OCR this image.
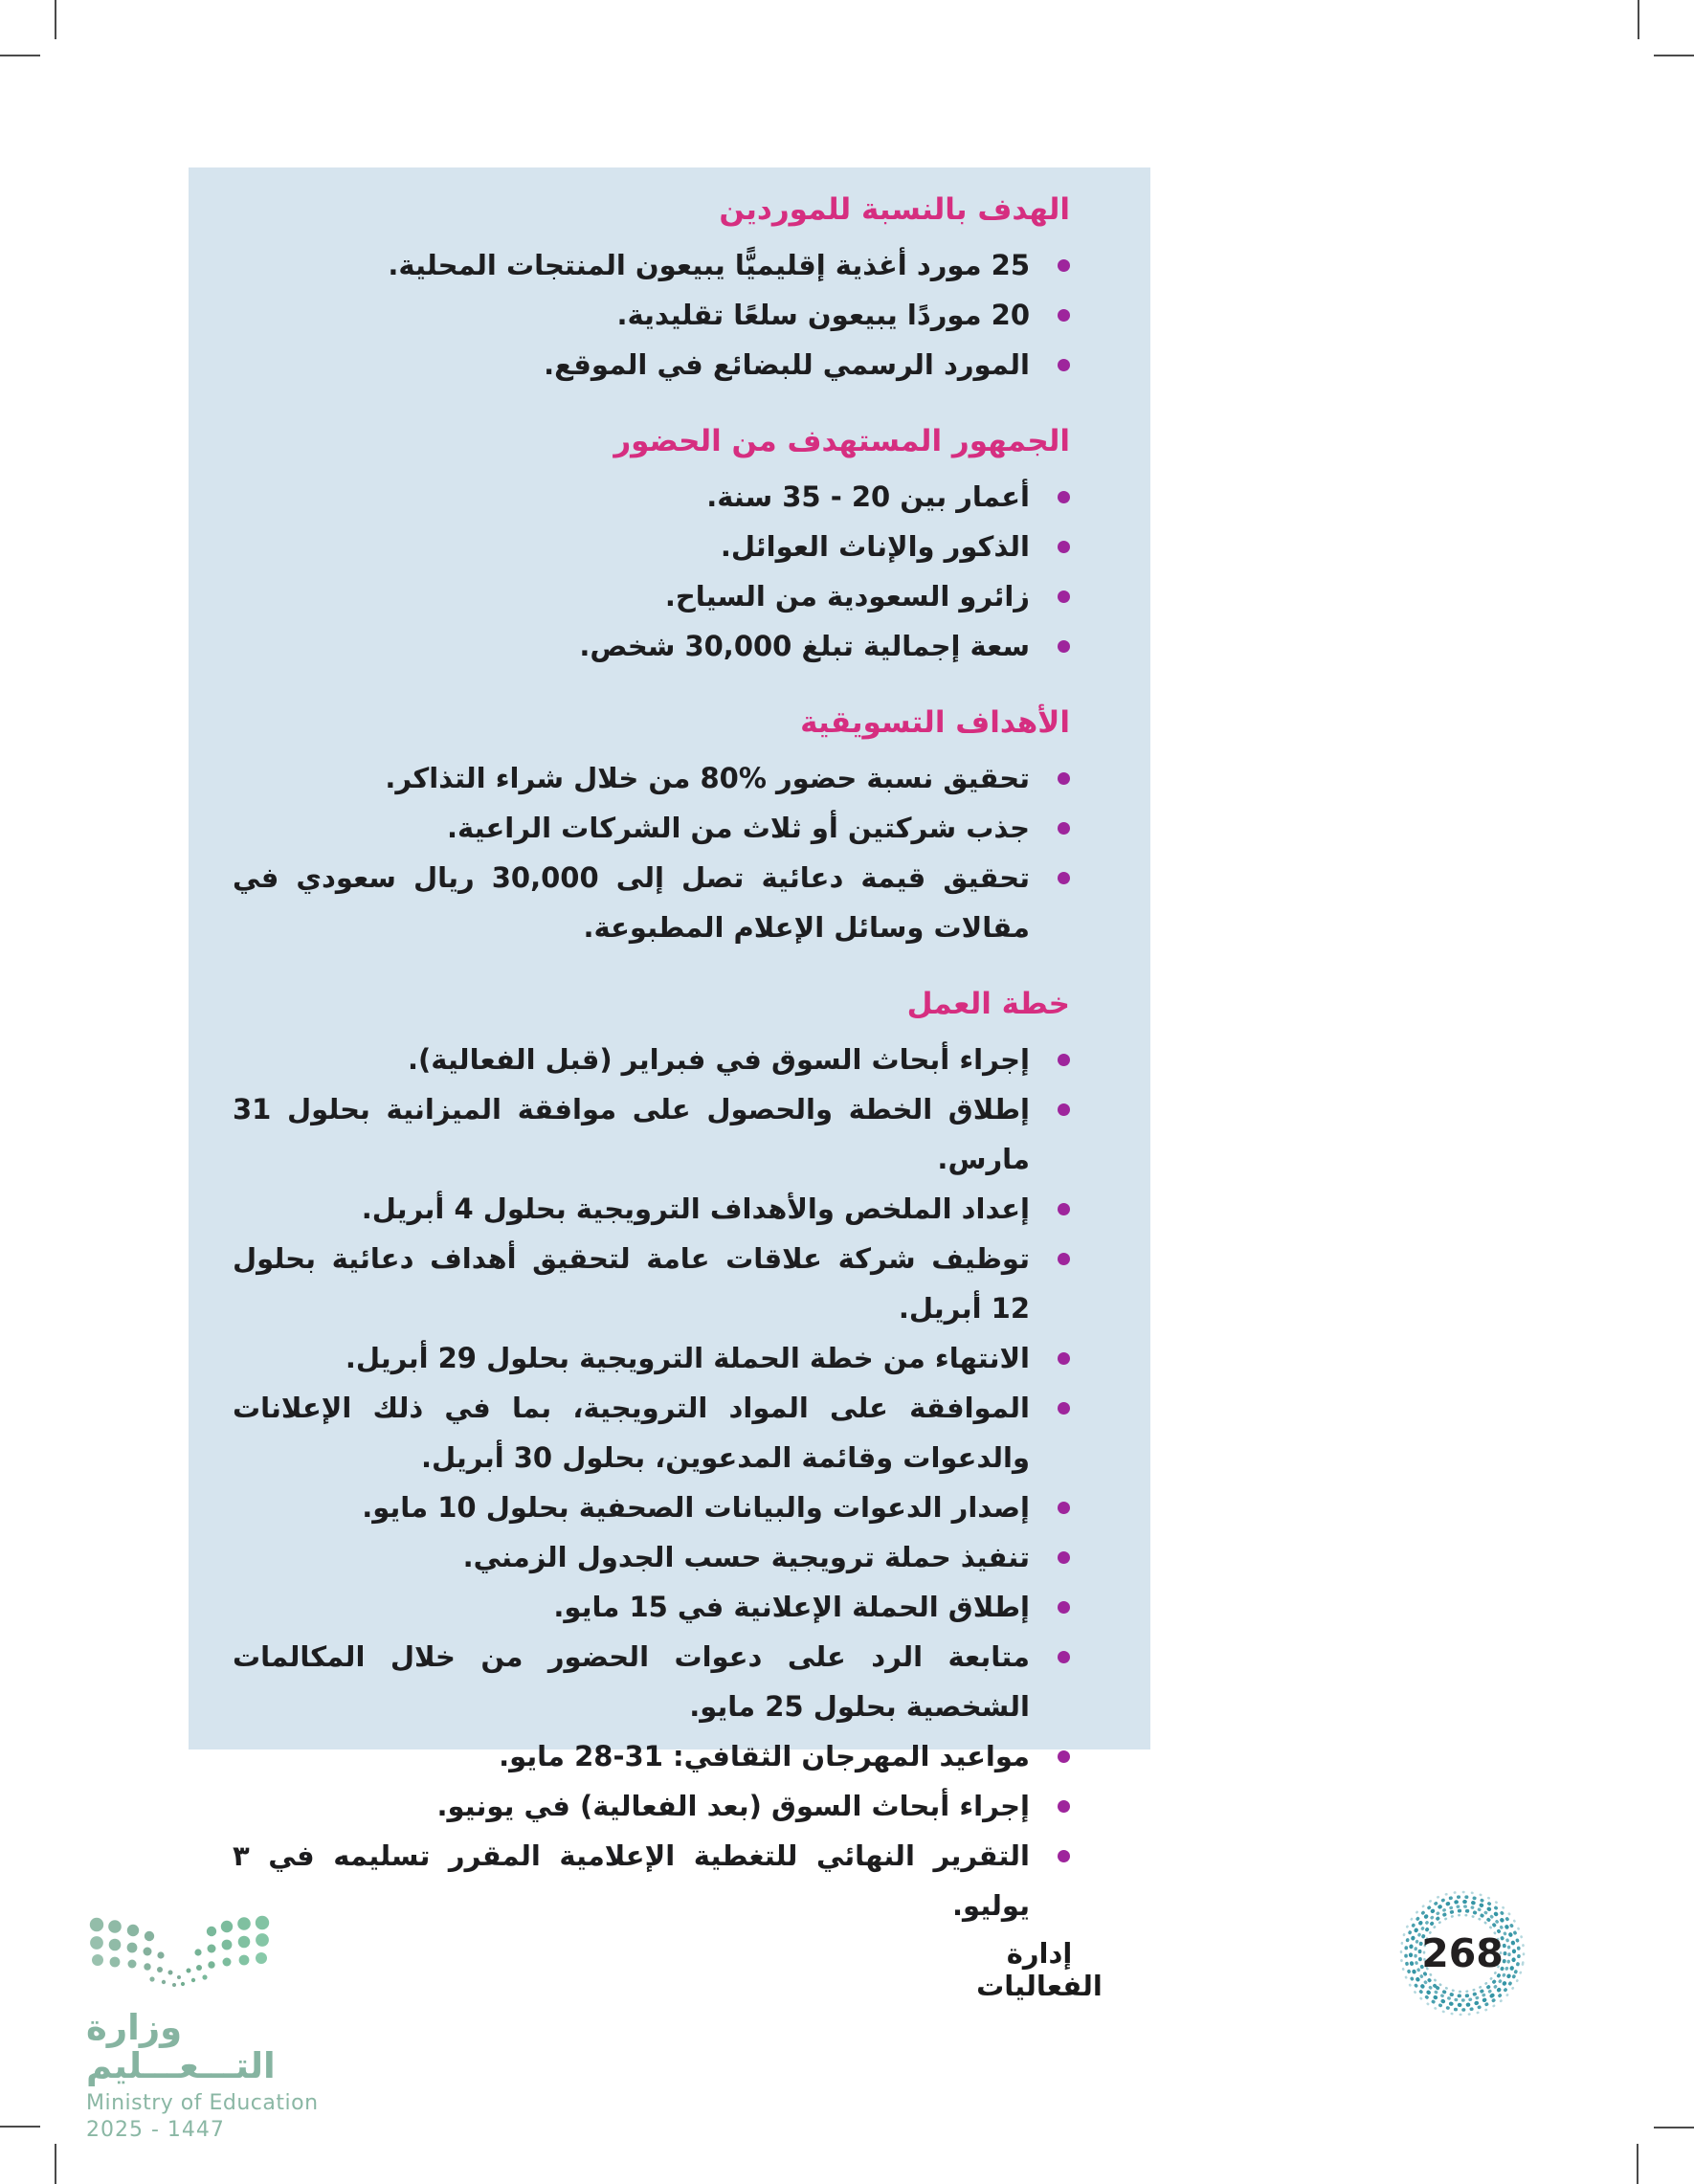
الهدف بالنسبة للموردين
25 مورد أغذية إقليميًّا يبيعون المنتجات المحلية.
20 موردًا يبيعون سلعًا تقليدية.
المورد الرسمي للبضائع في الموقع.
الجمهور المستهدف من الحضور
أعمار بين 20 - 35 سنة.
الذكور والإناث العوائل.
زائرو السعودية من السياح.
سعة إجمالية تبلغ 30,000 شخص.
الأهداف التسويقية
تحقيق نسبة حضور %80 من خلال شراء التذاكر.
جذب شركتين أو ثلاث من الشركات الراعية.
تحقيق قيمة دعائية تصل إلى 30,000 ريال سعودي في مقالات وسائل الإعلام المطبوعة.
خطة العمل
إجراء أبحاث السوق في فبراير (قبل الفعالية).
إطلاق الخطة والحصول على موافقة الميزانية بحلول 31 مارس.
إعداد الملخص والأهداف الترويجية بحلول 4 أبريل.
توظيف شركة علاقات عامة لتحقيق أهداف دعائية بحلول 12 أبريل.
الانتهاء من خطة الحملة الترويجية بحلول 29 أبريل.
الموافقة على المواد الترويجية، بما في ذلك الإعلانات والدعوات وقائمة المدعوين، بحلول 30 أبريل.
إصدار الدعوات والبيانات الصحفية بحلول 10 مايو.
تنفيذ حملة ترويجية حسب الجدول الزمني.
إطلاق الحملة الإعلانية في 15 مايو.
متابعة الرد على دعوات الحضور من خلال المكالمات الشخصية بحلول 25 مايو.
مواعيد المهرجان الثقافي: 31-28 مايو.
إجراء أبحاث السوق (بعد الفعالية) في يونيو.
التقرير النهائي للتغطية الإعلامية المقرر تسليمه في ٣ يوليو.
إدارة الفعاليات
268
وزارة التـــعـــليم
Ministry of Education
2025 - 1447
